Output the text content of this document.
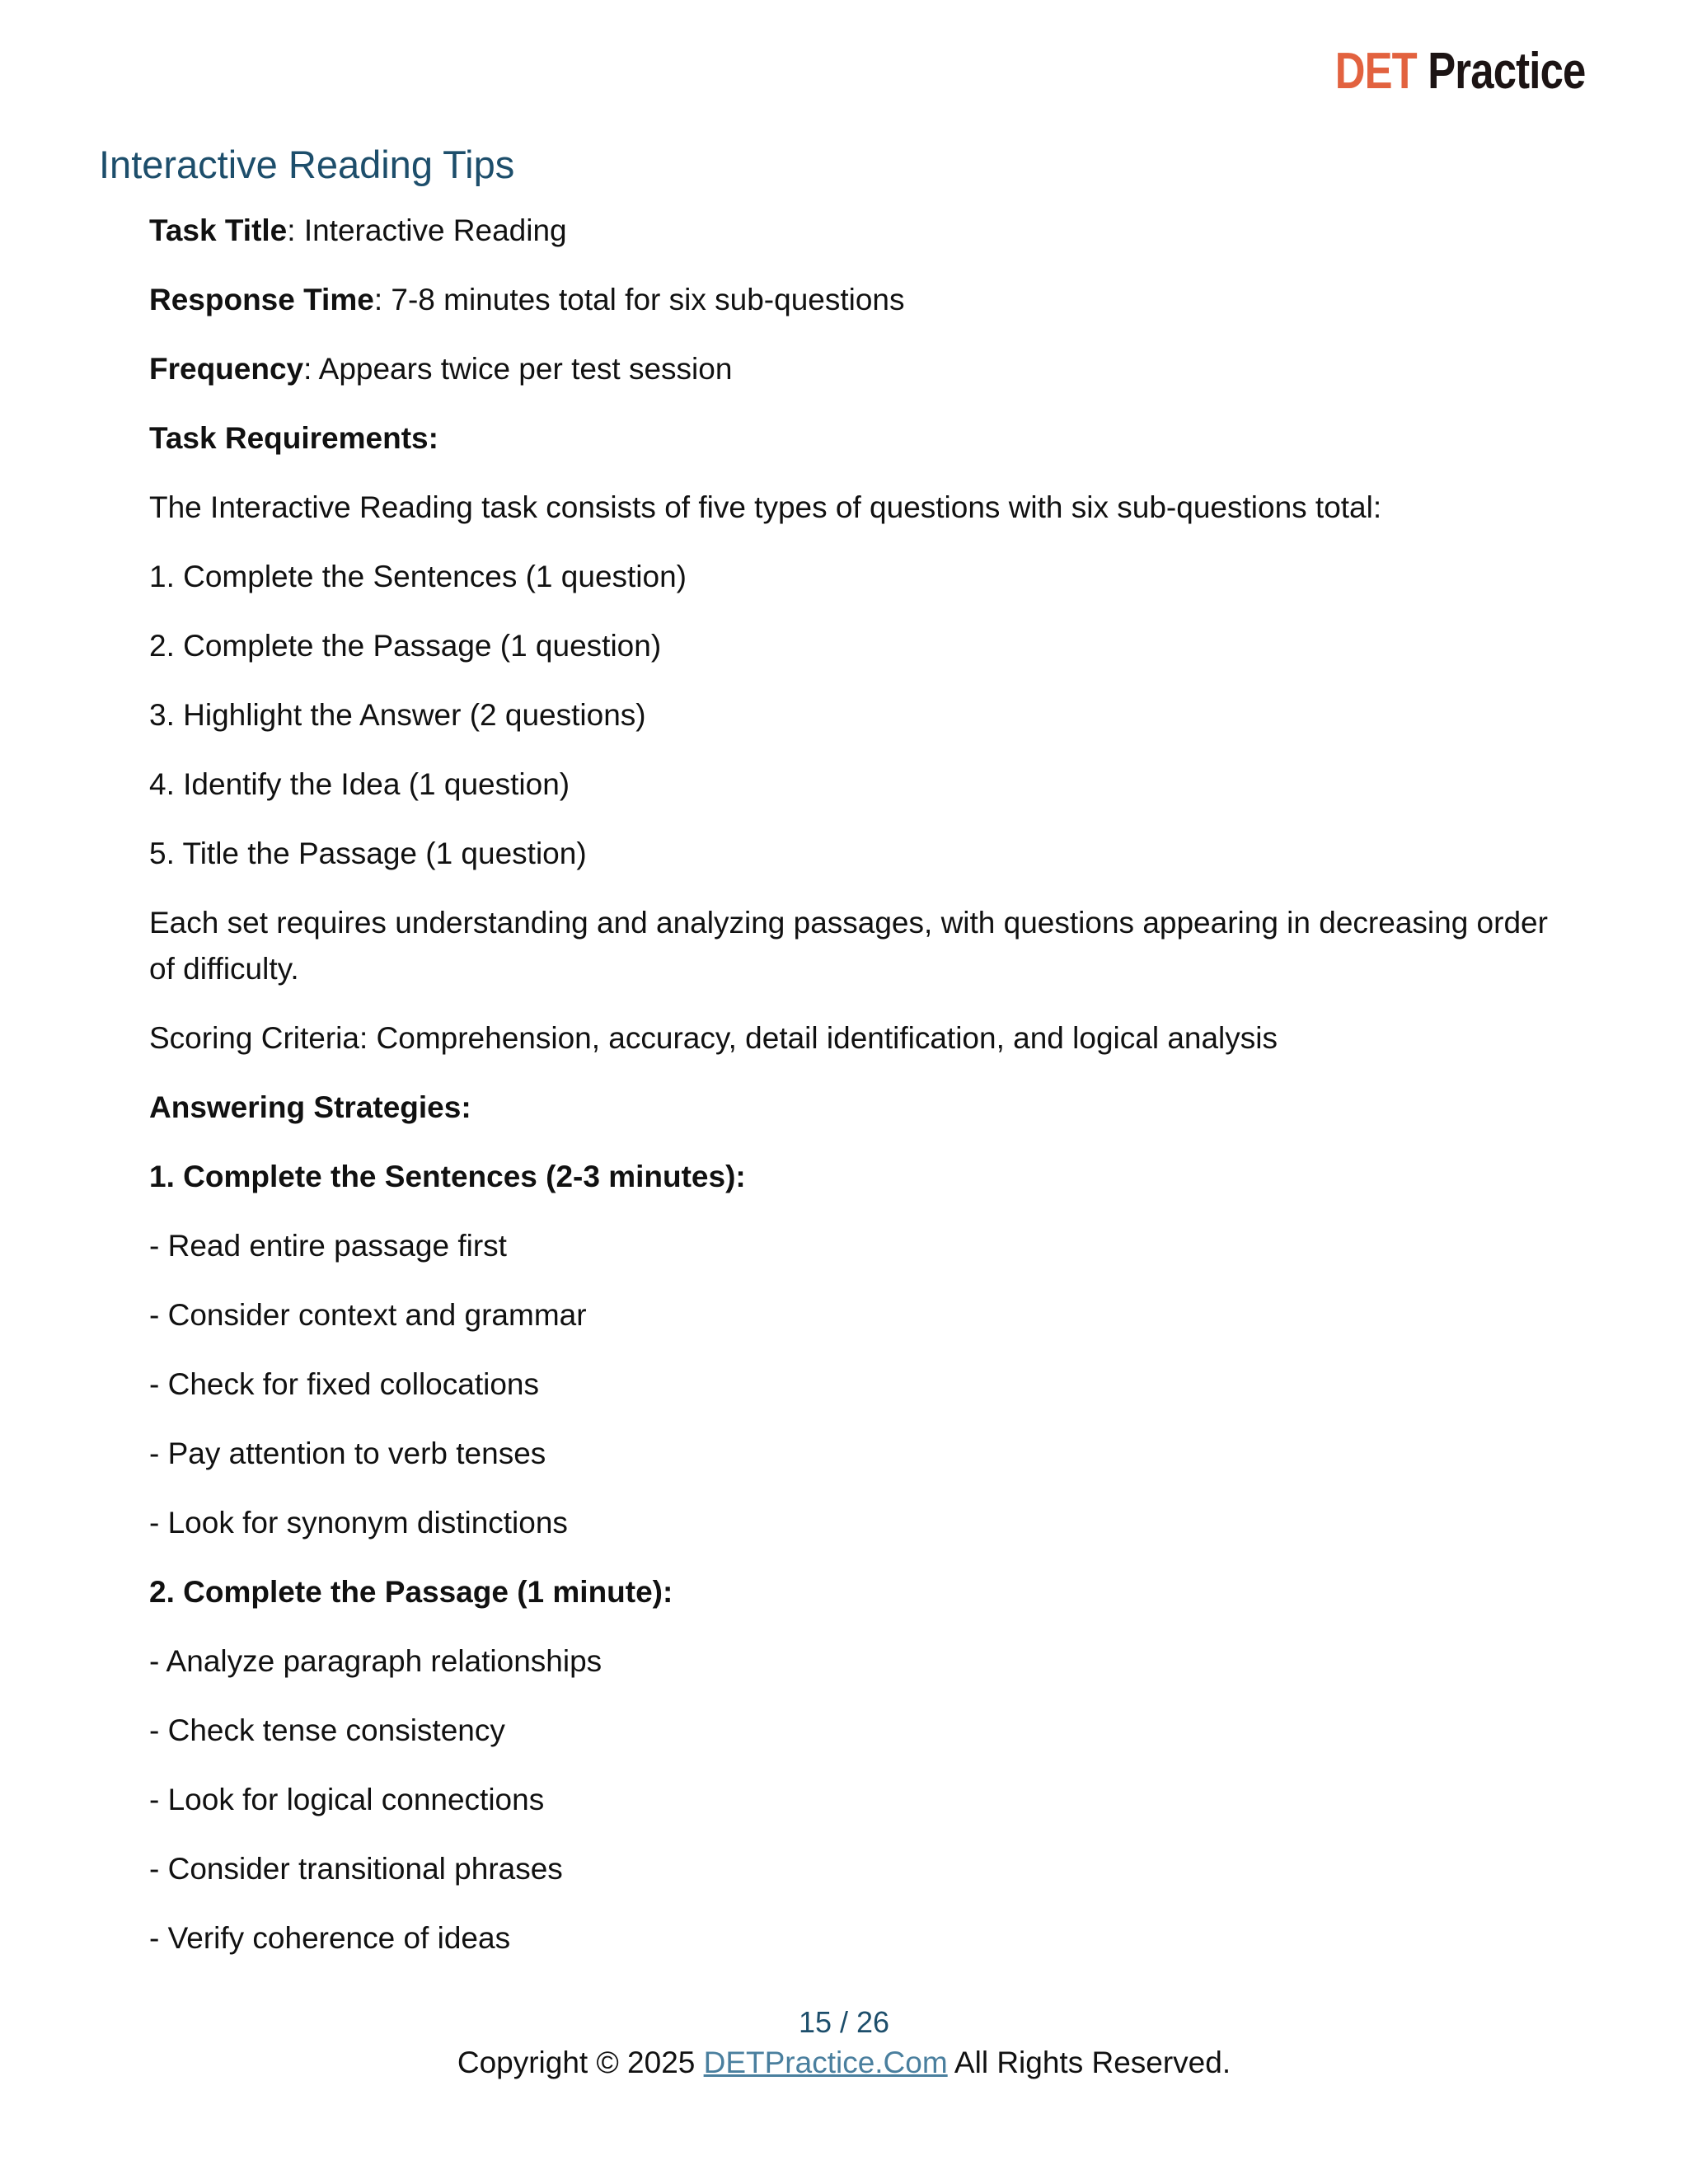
DET Practice
Interactive Reading Tips

Task Title: Interactive Reading

Response Time: 7-8 minutes total for six sub-questions

Frequency: Appears twice per test session

Task Requirements:

The Interactive Reading task consists of five types of questions with six sub-questions total:

1. Complete the Sentences (1 question)

2. Complete the Passage (1 question)

3. Highlight the Answer (2 questions)

4. Identify the Idea (1 question)

5. Title the Passage (1 question)

Each set requires understanding and analyzing passages, with questions appearing in decreasing order of difficulty.

Scoring Criteria: Comprehension, accuracy, detail identification, and logical analysis

Answering Strategies:

1. Complete the Sentences (2-3 minutes):

- Read entire passage first

- Consider context and grammar

- Check for fixed collocations

- Pay attention to verb tenses

- Look for synonym distinctions

2. Complete the Passage (1 minute):

- Analyze paragraph relationships

- Check tense consistency

- Look for logical connections

- Consider transitional phrases

- Verify coherence of ideas

15 / 26
Copyright © 2025 DETPractice.Com All Rights Reserved.
